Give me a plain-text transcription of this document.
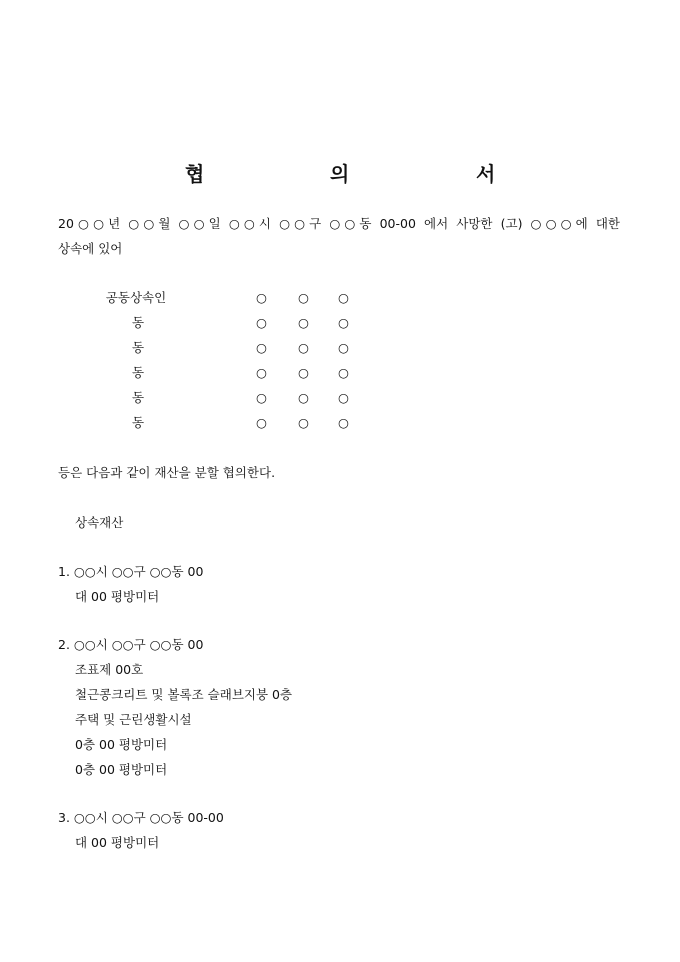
협	의	서
20○○년 ○○월 ○○일 ○○시 ○○구 ○○동 00-00 에서 사망한 (고) ○○○에 대한
상속에 있어
공동상속인	○ ○ ○
동	○ ○ ○
동	○ ○ ○
동	○ ○ ○
동	○ ○ ○
동	○ ○ ○
등은 다음과 같이 재산을 분할 협의한다.
상속재산
1. ○○시 ○○구 ○○동 00
대 00 평방미터
2. ○○시 ○○구 ○○동 00
조표제 00호
철근콩크리트 및 볼록조 슬래브지붕 0층
주택 및 근린생활시설
0층 00 평방미터
0층 00 평방미터
3. ○○시 ○○구 ○○동 00-00
대 00 평방미터
